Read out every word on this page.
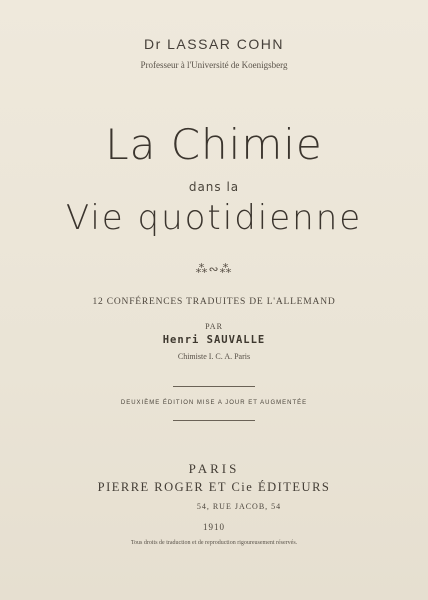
Dr LASSAR COHN
Professeur à l'Université de Koenigsberg
La Chimie
dans la
Vie quotidienne
⁂∾⁂
12 CONFÉRENCES TRADUITES DE L'ALLEMAND
PAR
Henri SAUVALLE
Chimiste I. C. A. Paris
DEUXIÈME ÉDITION MISE A JOUR ET AUGMENTÉE
PARIS
PIERRE ROGER ET Cie ÉDITEURS
54, RUE JACOB, 54
1910
Tous droits de traduction et de reproduction rigoureusement réservés.
